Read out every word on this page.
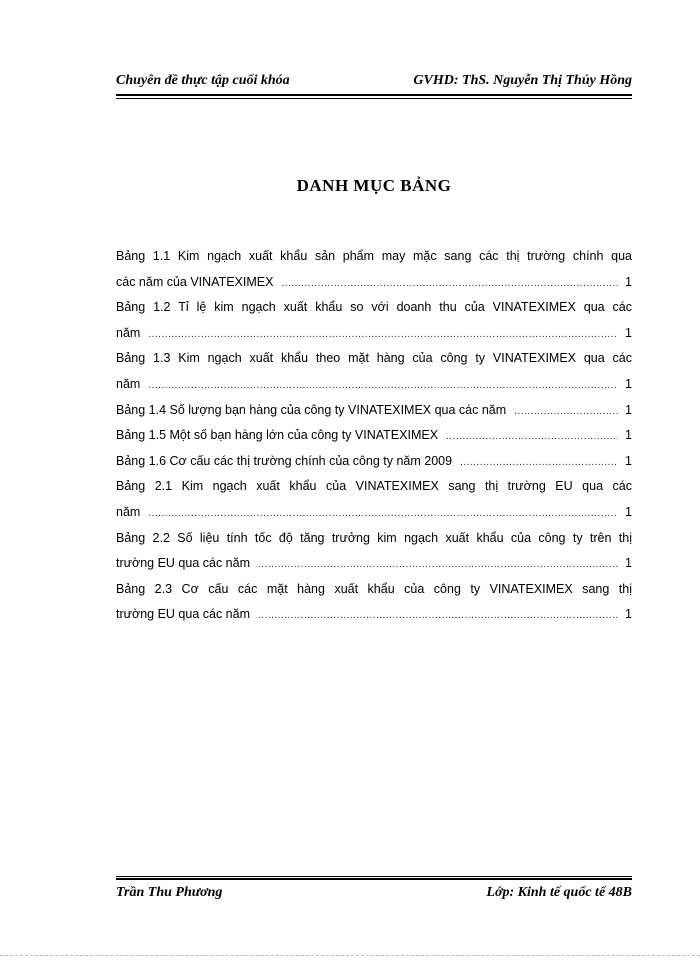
Chuyên đề thực tập cuối khóa	GVHD: ThS. Nguyễn Thị Thúy Hồng
DANH MỤC BẢNG
Bảng 1.1 Kim ngạch xuất khẩu sản phẩm may mặc sang các thị trường chính qua
các năm của VINATEXIMEX .....	1
Bảng 1.2 Tỉ lệ kim ngạch xuất khẩu so với doanh thu của VINATEXIMEX qua các
năm .....	1
Bảng 1.3 Kim ngạch xuất khẩu theo mặt hàng của công ty VINATEXIMEX qua các
năm .....	1
Bảng 1.4 Số lượng bạn hàng của công ty VINATEXIMEX qua các năm .....	1
Bảng 1.5 Một số bạn hàng lớn của công ty VINATEXIMEX .....	1
Bảng 1.6 Cơ cấu các thị trường chính của công ty năm 2009 .....	1
Bảng 2.1 Kim ngạch xuất khẩu của VINATEXIMEX sang thị trường EU qua các
năm .....	1
Bảng 2.2 Số liệu tính tốc độ tăng trưởng kim ngạch xuất khẩu của công ty trên thị
trường EU qua các năm .....	1
Bảng 2.3 Cơ cấu các mặt hàng xuất khẩu của công ty VINATEXIMEX sang thị
trường EU qua các năm .....	1
Trần Thu Phương	Lớp: Kinh tế quốc tế 48B
